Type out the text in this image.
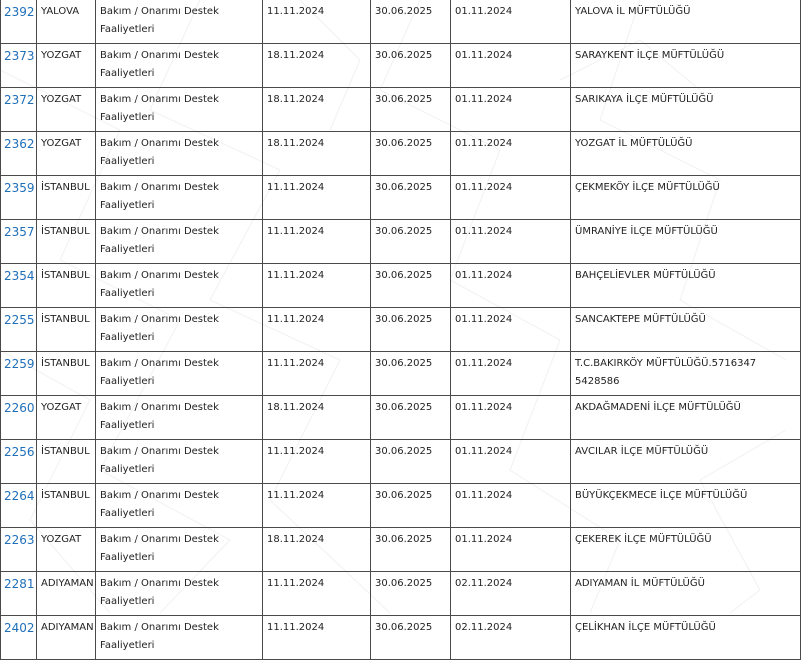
2392	YALOVA	Bakım / Onarımı Destek Faaliyetleri	11.11.2024	30.06.2025	01.11.2024	YALOVA İL MÜFTÜLÜĞÜ

2373	YOZGAT	Bakım / Onarımı Destek Faaliyetleri	18.11.2024	30.06.2025	01.11.2024	SARAYKENT İLÇE MÜFTÜLÜĞÜ

2372	YOZGAT	Bakım / Onarımı Destek Faaliyetleri	18.11.2024	30.06.2025	01.11.2024	SARIKAYA İLÇE MÜFTÜLÜĞÜ

2362	YOZGAT	Bakım / Onarımı Destek Faaliyetleri	18.11.2024	30.06.2025	01.11.2024	YOZGAT İL MÜFTÜLÜĞÜ

2359	İSTANBUL	Bakım / Onarımı Destek Faaliyetleri	11.11.2024	30.06.2025	01.11.2024	ÇEKMEKÖY İLÇE MÜFTÜLÜĞÜ

2357	İSTANBUL	Bakım / Onarımı Destek Faaliyetleri	11.11.2024	30.06.2025	01.11.2024	ÜMRANİYE İLÇE MÜFTÜLÜĞÜ

2354	İSTANBUL	Bakım / Onarımı Destek Faaliyetleri	11.11.2024	30.06.2025	01.11.2024	BAHÇELİEVLER MÜFTÜLÜĞÜ

2255	İSTANBUL	Bakım / Onarımı Destek Faaliyetleri	11.11.2024	30.06.2025	01.11.2024	SANCAKTEPE MÜFTÜLÜĞÜ

2259	İSTANBUL	Bakım / Onarımı Destek Faaliyetleri	11.11.2024	30.06.2025	01.11.2024	T.C.BAKIRKÖY MÜFTÜLÜĞÜ.5716347 5428586

2260	YOZGAT	Bakım / Onarımı Destek Faaliyetleri	18.11.2024	30.06.2025	01.11.2024	AKDAĞMADENİ İLÇE MÜFTÜLÜĞÜ

2256	İSTANBUL	Bakım / Onarımı Destek Faaliyetleri	11.11.2024	30.06.2025	01.11.2024	AVCILAR İLÇE MÜFTÜLÜĞÜ

2264	İSTANBUL	Bakım / Onarımı Destek Faaliyetleri	11.11.2024	30.06.2025	01.11.2024	BÜYÜKÇEKMECE İLÇE MÜFTÜLÜĞÜ

2263	YOZGAT	Bakım / Onarımı Destek Faaliyetleri	18.11.2024	30.06.2025	01.11.2024	ÇEKEREK İLÇE MÜFTÜLÜĞÜ

2281	ADIYAMAN	Bakım / Onarımı Destek Faaliyetleri	11.11.2024	30.06.2025	02.11.2024	ADIYAMAN İL MÜFTÜLÜĞÜ

2402	ADIYAMAN	Bakım / Onarımı Destek Faaliyetleri	11.11.2024	30.06.2025	02.11.2024	ÇELİKHAN İLÇE MÜFTÜLÜĞÜ
